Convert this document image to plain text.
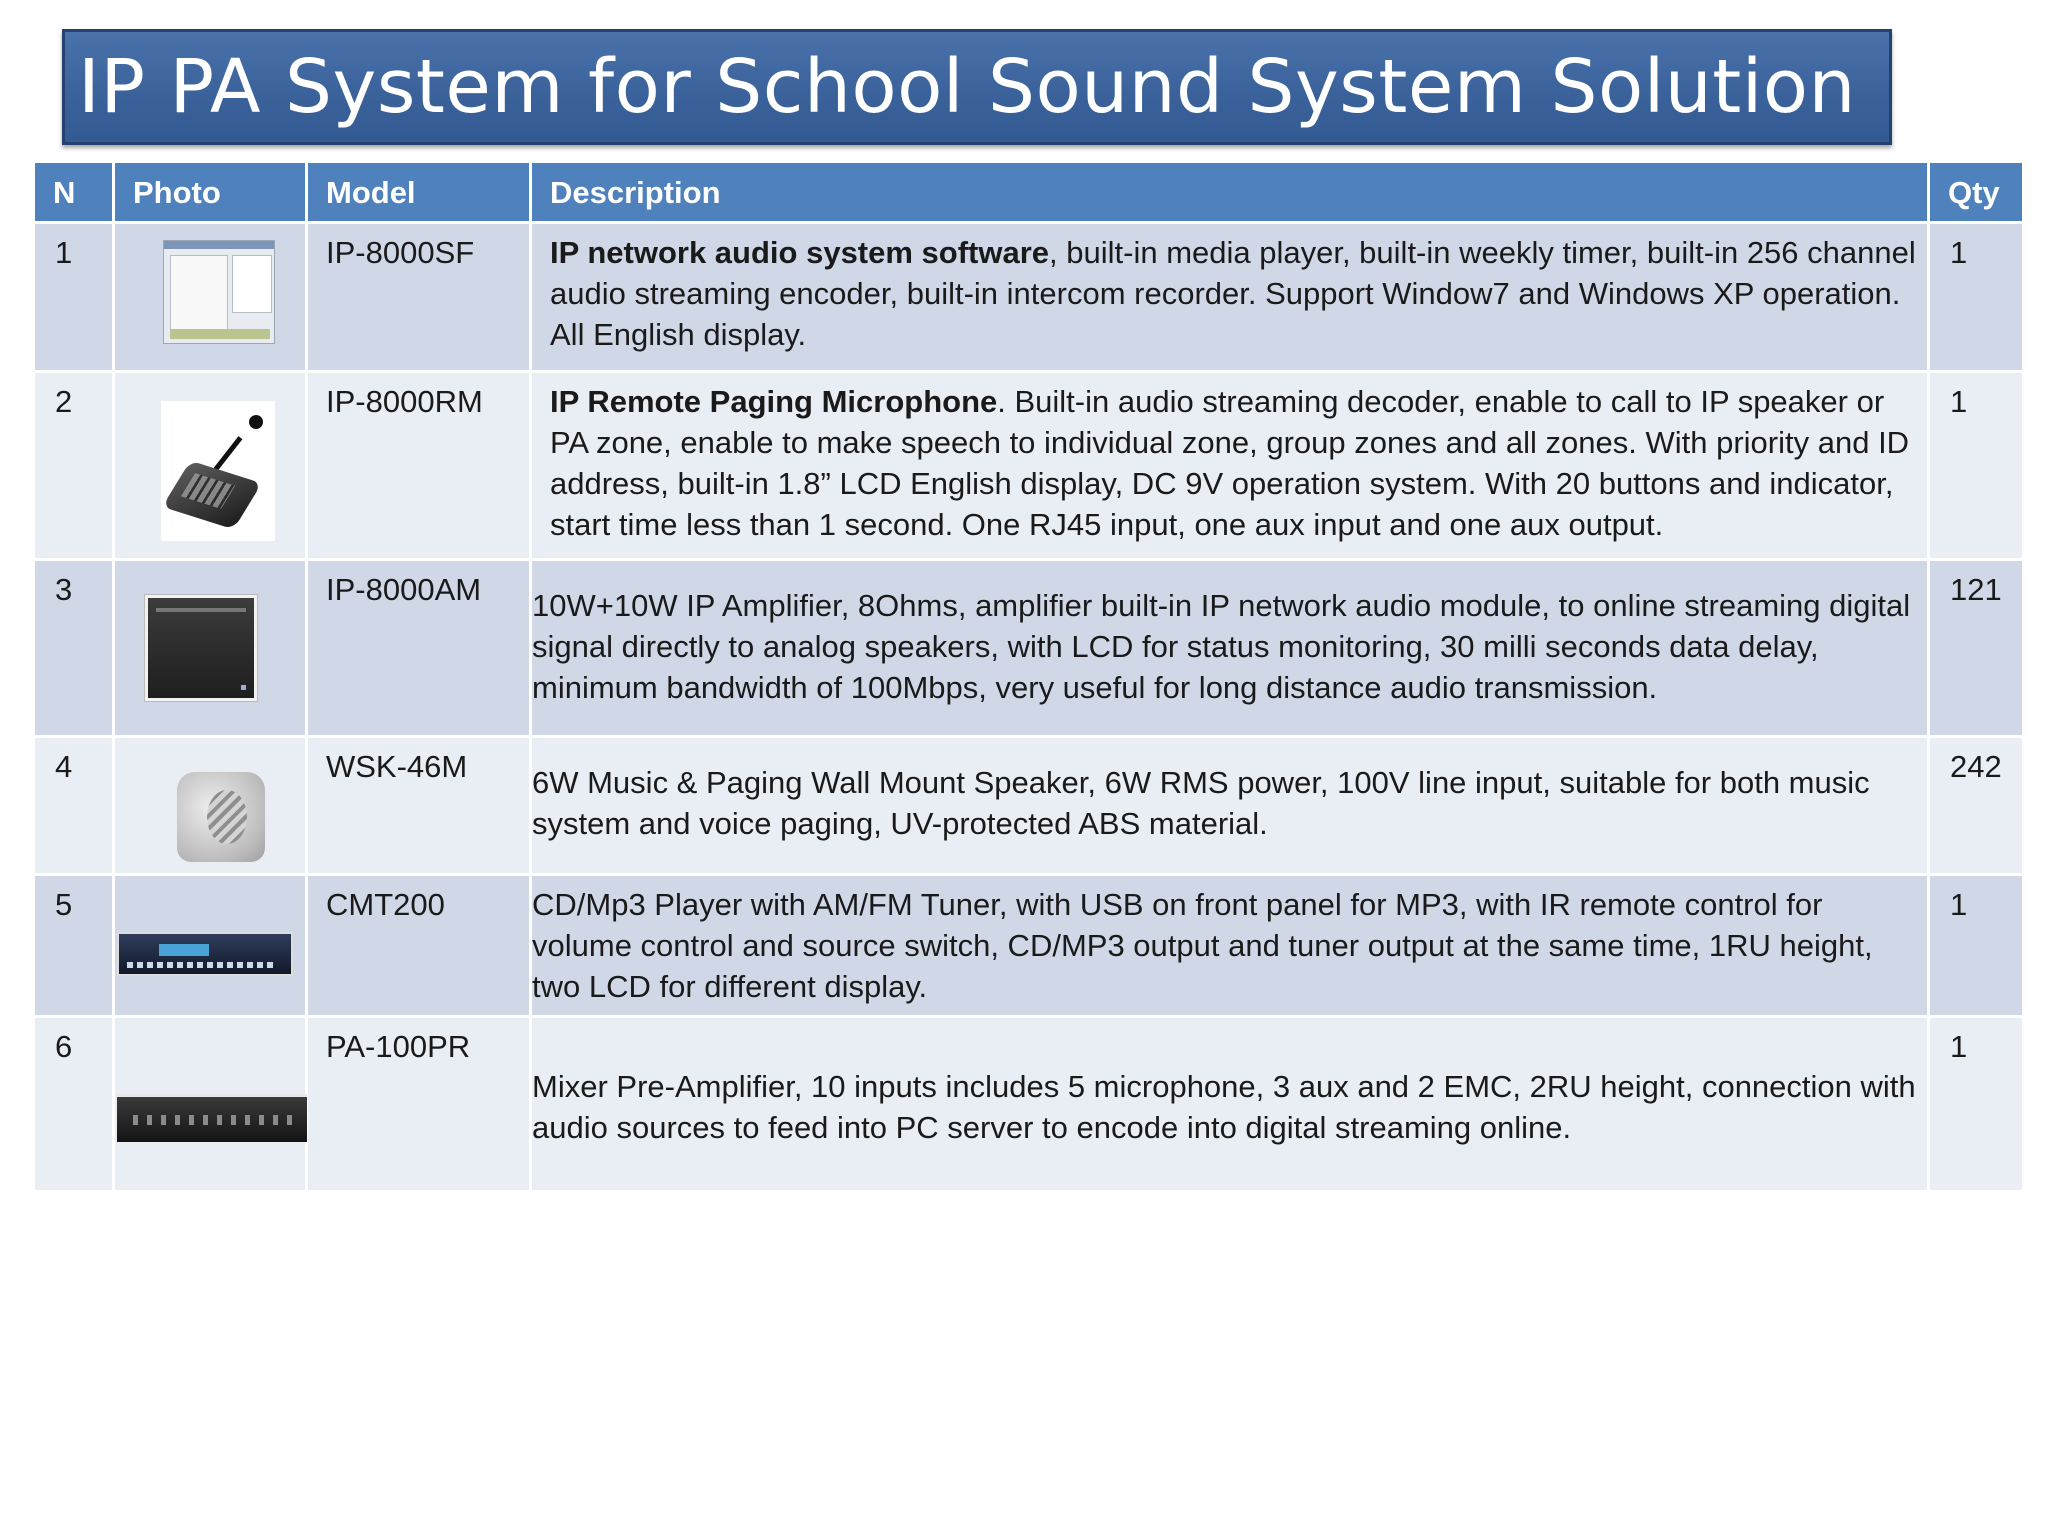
IP PA System for School Sound System Solution
N	Photo	Model	Description	Qty
1		IP-8000SF	IP network audio system software, built-in media player, built-in weekly timer, built-in 256 channel audio streaming encoder, built-in intercom recorder. Support Window7 and Windows XP operation. All English display.	1
2		IP-8000RM	IP Remote Paging Microphone. Built-in audio streaming decoder, enable to call to IP speaker or PA zone, enable to make speech to individual zone, group zones and all zones. With priority and ID address, built-in 1.8” LCD English display, DC 9V operation system. With 20 buttons and indicator, start time less than 1 second. One RJ45 input, one aux input and one aux output.	1
3		IP-8000AM	10W+10W IP Amplifier, 8Ohms, amplifier built-in IP network audio module, to online streaming digital signal directly to analog speakers, with LCD for status monitoring, 30 milli seconds data delay, minimum bandwidth of 100Mbps, very useful for long distance audio transmission.	121
4		WSK-46M	6W Music & Paging Wall Mount Speaker, 6W RMS power, 100V line input, suitable for both music system and voice paging, UV-protected ABS material.	242
5		CMT200	CD/Mp3 Player with AM/FM Tuner, with USB on front panel for MP3, with IR remote control for volume control and source switch, CD/MP3 output and tuner output at the same time, 1RU height, two LCD for different display.	1
6		PA-100PR	Mixer Pre-Amplifier, 10 inputs includes 5 microphone, 3 aux and 2 EMC, 2RU height, connection with audio sources to feed into PC server to encode into digital streaming online.	1
